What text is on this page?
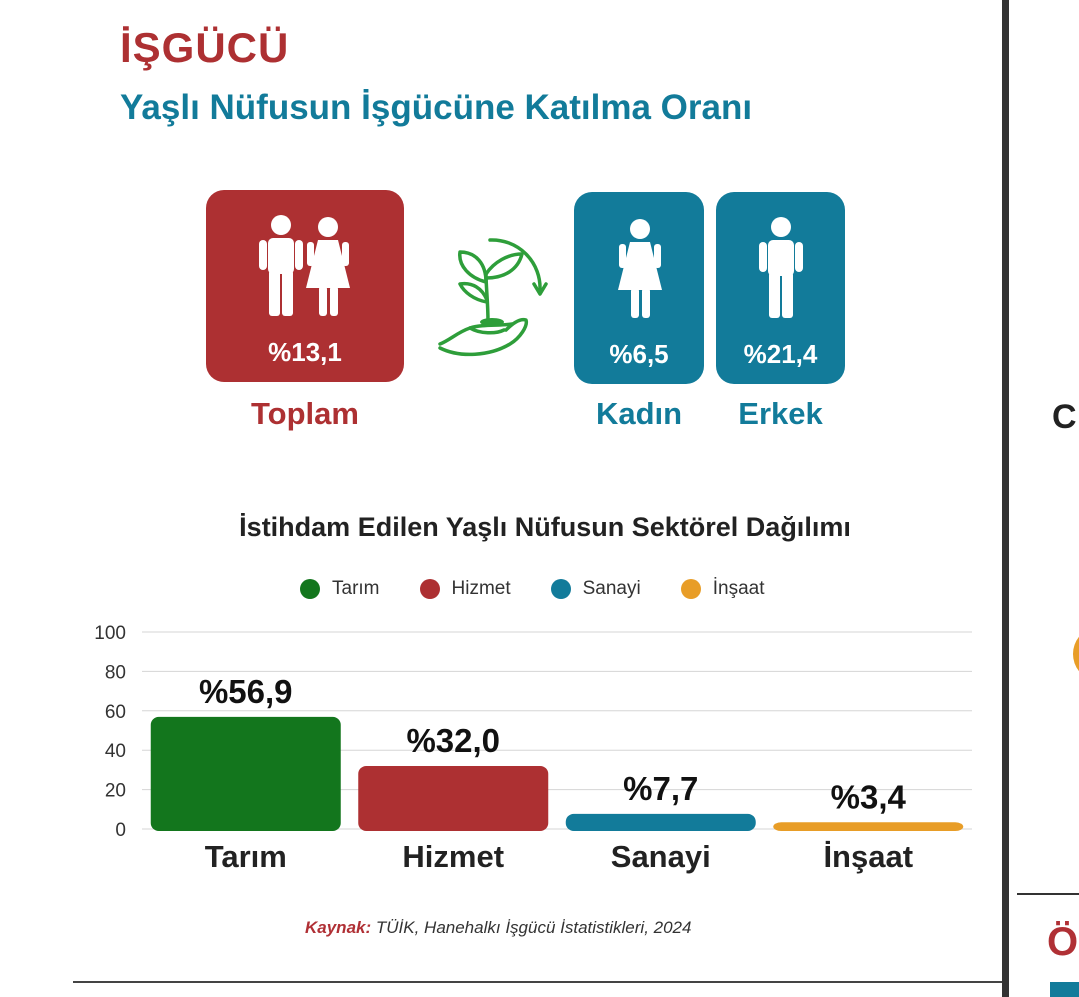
İŞGÜCÜ
Yaşlı Nüfusun İşgücüne Katılma Oranı
%13,1
Toplam
%6,5
Kadın
%21,4
Erkek
İstihdam Edilen Yaşlı Nüfusun Sektörel Dağılımı
Tarım	Hizmet	Sanayi	İnşaat
0
20
40
60
80
100
%56,9
Tarım
%32,0
Hizmet
%7,7
Sanayi
%3,4
İnşaat
Kaynak: TÜİK, Hanehalkı İşgücü İstatistikleri, 2024
C
Ö
